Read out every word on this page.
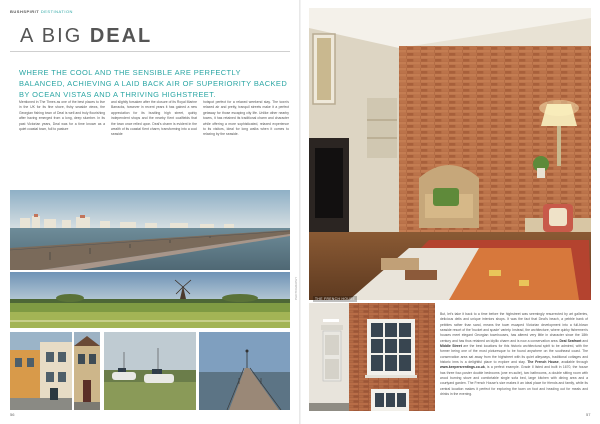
BUSHSPIRIT DESTINATION
A BIG DEAL
WHERE THE COOL AND THE SENSIBLE ARE PERFECTLY BALANCED, ACHIEVING A LAID BACK AIR OF SUPERIORITY BACKED BY OCEAN VISTAS AND A THRIVING HIGHSTREET.
Mentioned in The Times as one of the best places to live in the UK for its fine shore, fishy seaside views, the Georgian fishing town of Deal is well and truly flourishing after having emerged from a long, deep slumber. In its past Victorian years, Deal was for a time known as a quiet coastal town, full to pasture
and slightly forsaken after the closure of its Royal Marine Barracks, however in recent years it has gained a new appreciation for its bustling high street, quirky independent shops and the nearby Kent coalfields that the town once relied upon. Deal's charm is evident in the wealth of its coastal Kent charm, transforming into a cool seaside
hotspot perfect for a relaxed weekend stay. The town's relaxed air and pretty, tranquil streets make it a perfect getaway for those escaping city life. Unlike other nearby towns, it has retained its traditional charm and character while offering a more sophisticated, relaxed experience to its visitors, ideal for long walks when it comes to relaxing by the seaside.
56
PHOTOGRAPHY	THE FRENCH HOUSE
But, let's take it back to a time before the highstreet was seemingly resurrected by art galleries, delicious delis and unique interiors shops. It was the fact that Deal's beach, a pebble bank of pebbles rather than sand, means the town escaped Victorian development into a full-blown seaside resort of the 'bucket and spade' variety. Instead, the architecture, where quirky fishermen's houses meet elegant Georgian townhouses, has altered very little in character since the 18th century and has thus retained an idyllic charm and is now a conservation area. Deal Seafront and Middle Street are the best locations for this historic architectural spirit to be admired, with the former being one of the most picturesque to be found anywhere on the southeast coast. The conservation area sat away from the highstreet with its quiet alleyways, traditional cottages and historic inns is a delightful place to explore and stay. The French House, available through www.keepersrentings.co.uk, is a perfect example. Grade II listed and built in 1670, the house has three four-poster double bedrooms (one en-suite), two bathrooms, a double sitting room with wood burning stove and comfortable single sofa bed, large kitchen with dining area and a courtyard garden. The French House's size makes it an ideal place for friends and family, while its central location makes it perfect for exploring the town on foot and heading out for meals and drinks in the evening.
57
